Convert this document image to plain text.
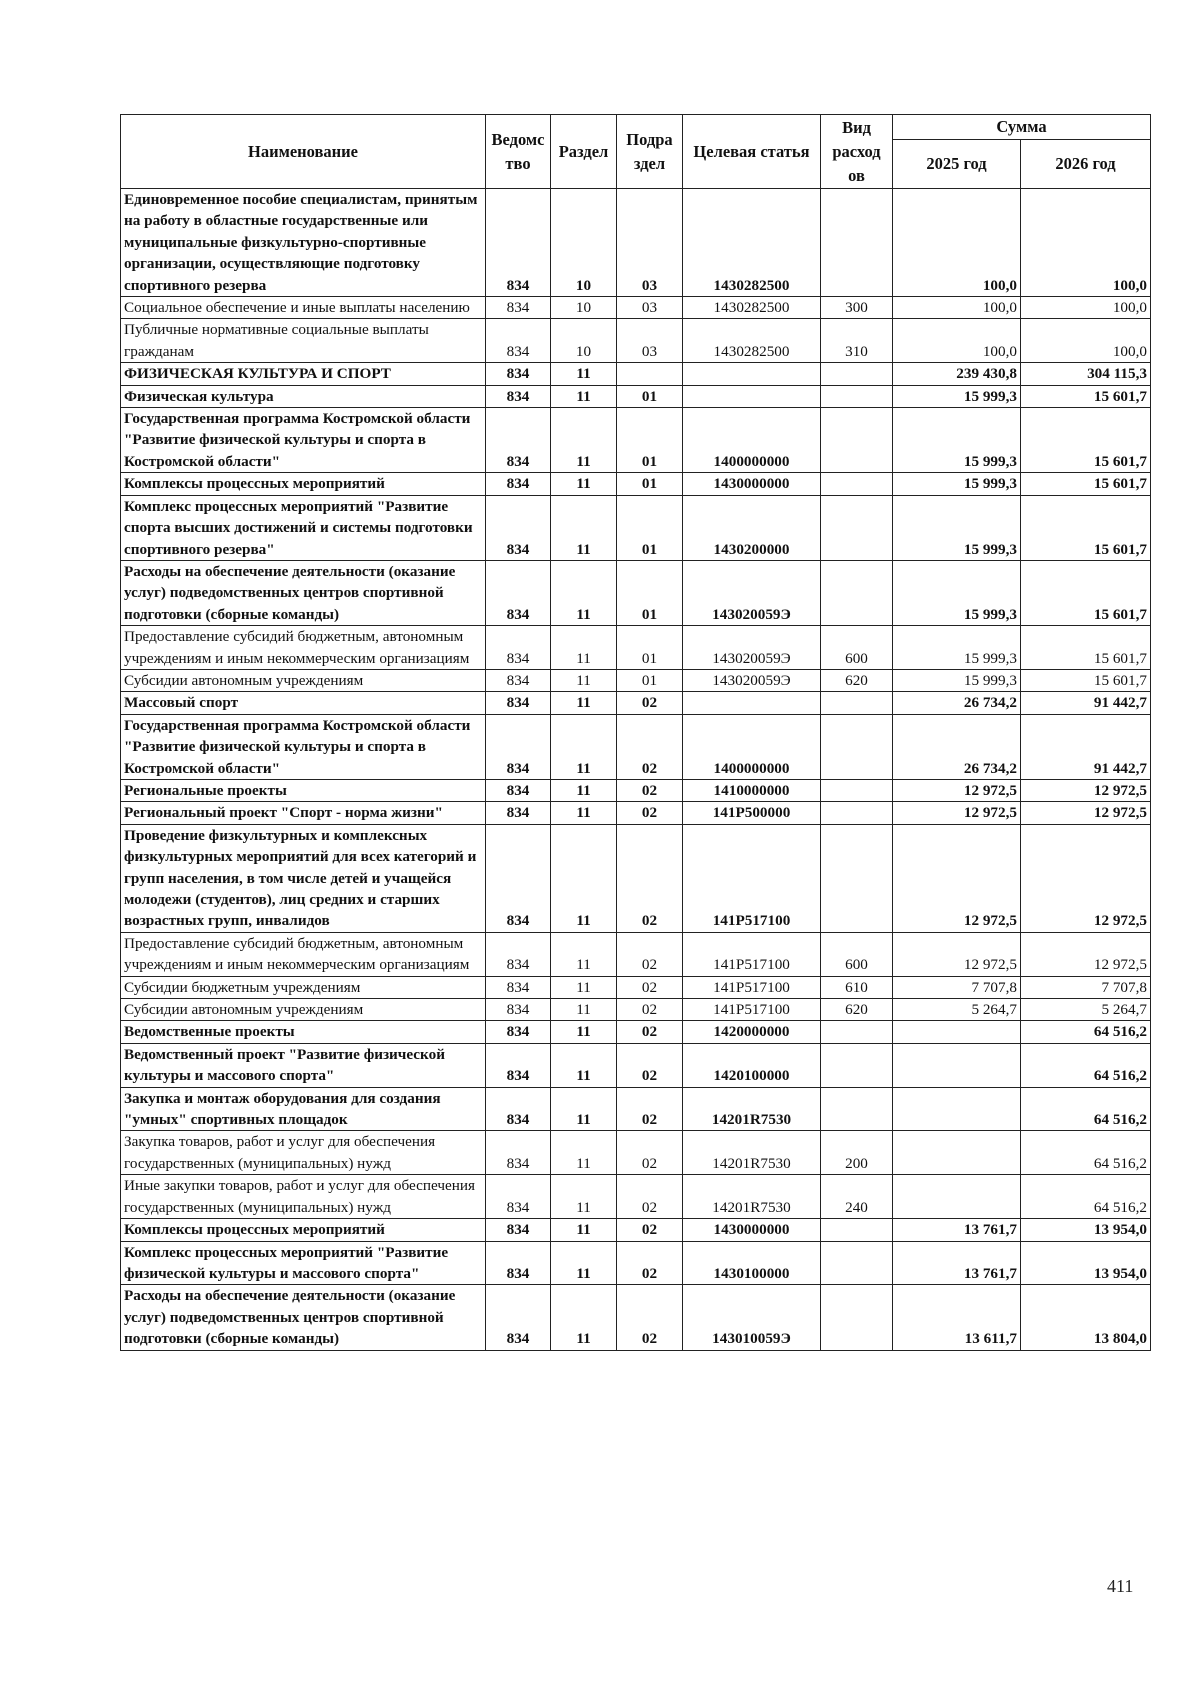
Наименование	Ведомс тво	Раздел	Подра здел	Целевая статья	Вид расход ов	Сумма	
						2025 год	2026 год
Единовременное пособие специалистам, принятым на работу в областные государственные или муниципальные физкультурно-спортивные организации, осуществляющие подготовку спортивного резерва	834	10	03	1430282500		100,0	100,0
Социальное обеспечение и иные выплаты населению	834	10	03	1430282500	300	100,0	100,0
Публичные нормативные социальные выплаты гражданам	834	10	03	1430282500	310	100,0	100,0
ФИЗИЧЕСКАЯ КУЛЬТУРА И СПОРТ	834	11				239 430,8	304 115,3
Физическая культура	834	11	01			15 999,3	15 601,7
Государственная программа Костромской области "Развитие физической культуры и спорта в Костромской области"	834	11	01	1400000000		15 999,3	15 601,7
Комплексы процессных мероприятий	834	11	01	1430000000		15 999,3	15 601,7
Комплекс процессных мероприятий "Развитие спорта высших достижений и системы подготовки спортивного резерва"	834	11	01	1430200000		15 999,3	15 601,7
Расходы на обеспечение деятельности (оказание услуг) подведомственных центров спортивной подготовки (сборные команды)	834	11	01	143020059Э		15 999,3	15 601,7
Предоставление субсидий бюджетным, автономным учреждениям и иным некоммерческим организациям	834	11	01	143020059Э	600	15 999,3	15 601,7
Субсидии автономным учреждениям	834	11	01	143020059Э	620	15 999,3	15 601,7
Массовый спорт	834	11	02			26 734,2	91 442,7
Государственная программа Костромской области "Развитие физической культуры и спорта в Костромской области"	834	11	02	1400000000		26 734,2	91 442,7
Региональные проекты	834	11	02	1410000000		12 972,5	12 972,5
Региональный проект "Спорт - норма жизни"	834	11	02	141P500000		12 972,5	12 972,5
Проведение физкультурных и комплексных физкультурных мероприятий для всех категорий и групп населения, в том числе детей и учащейся молодежи (студентов), лиц средних и старших возрастных групп, инвалидов	834	11	02	141P517100		12 972,5	12 972,5
Предоставление субсидий бюджетным, автономным учреждениям и иным некоммерческим организациям	834	11	02	141P517100	600	12 972,5	12 972,5
Субсидии бюджетным учреждениям	834	11	02	141P517100	610	7 707,8	7 707,8
Субсидии автономным учреждениям	834	11	02	141P517100	620	5 264,7	5 264,7
Ведомственные проекты	834	11	02	1420000000			64 516,2
Ведомственный проект "Развитие физической культуры и массового спорта"	834	11	02	1420100000			64 516,2
Закупка и монтаж оборудования для создания "умных" спортивных площадок	834	11	02	14201R7530			64 516,2
Закупка товаров, работ и услуг для обеспечения государственных (муниципальных) нужд	834	11	02	14201R7530	200		64 516,2
Иные закупки товаров, работ и услуг для обеспечения государственных (муниципальных) нужд	834	11	02	14201R7530	240		64 516,2
Комплексы процессных мероприятий	834	11	02	1430000000		13 761,7	13 954,0
Комплекс процессных мероприятий "Развитие физической культуры и массового спорта"	834	11	02	1430100000		13 761,7	13 954,0
Расходы на обеспечение деятельности (оказание услуг) подведомственных центров спортивной подготовки (сборные команды)	834	11	02	143010059Э		13 611,7	13 804,0
411
